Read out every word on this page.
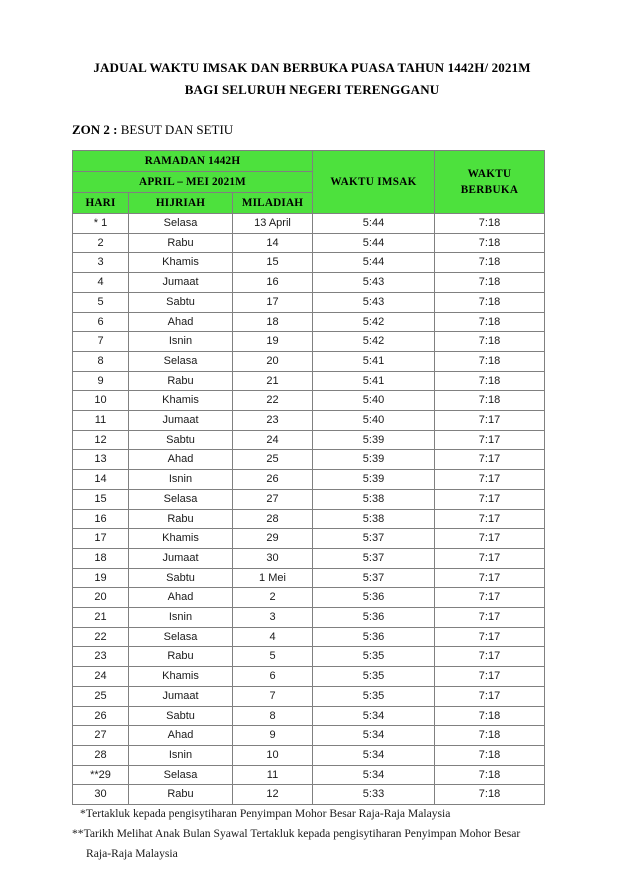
JADUAL WAKTU IMSAK DAN BERBUKA PUASA TAHUN 1442H/ 2021M
BAGI SELURUH NEGERI TERENGGANU
ZON 2 : BESUT DAN SETIU
RAMADAN 1442H			WAKTU IMSAK	WAKTU
BERBUKA

APRIL – MEI 2021M				
HARI	HIJRIAH	MILADIAH		
* 1	Selasa	13 April	5:44	7:18
2	Rabu	14	5:44	7:18
3	Khamis	15	5:44	7:18
4	Jumaat	16	5:43	7:18
5	Sabtu	17	5:43	7:18
6	Ahad	18	5:42	7:18
7	Isnin	19	5:42	7:18
8	Selasa	20	5:41	7:18
9	Rabu	21	5:41	7:18
10	Khamis	22	5:40	7:18
11	Jumaat	23	5:40	7:17
12	Sabtu	24	5:39	7:17
13	Ahad	25	5:39	7:17
14	Isnin	26	5:39	7:17
15	Selasa	27	5:38	7:17
16	Rabu	28	5:38	7:17
17	Khamis	29	5:37	7:17
18	Jumaat	30	5:37	7:17
19	Sabtu	1 Mei	5:37	7:17
20	Ahad	2	5:36	7:17
21	Isnin	3	5:36	7:17
22	Selasa	4	5:36	7:17
23	Rabu	5	5:35	7:17
24	Khamis	6	5:35	7:17
25	Jumaat	7	5:35	7:17
26	Sabtu	8	5:34	7:18
27	Ahad	9	5:34	7:18
28	Isnin	10	5:34	7:18
**29	Selasa	11	5:34	7:18
30	Rabu	12	5:33	7:18
*Tertakluk kepada pengisytiharan Penyimpan Mohor Besar Raja-Raja Malaysia
**Tarikh Melihat Anak Bulan Syawal Tertakluk kepada pengisytiharan Penyimpan Mohor Besar
Raja-Raja Malaysia
